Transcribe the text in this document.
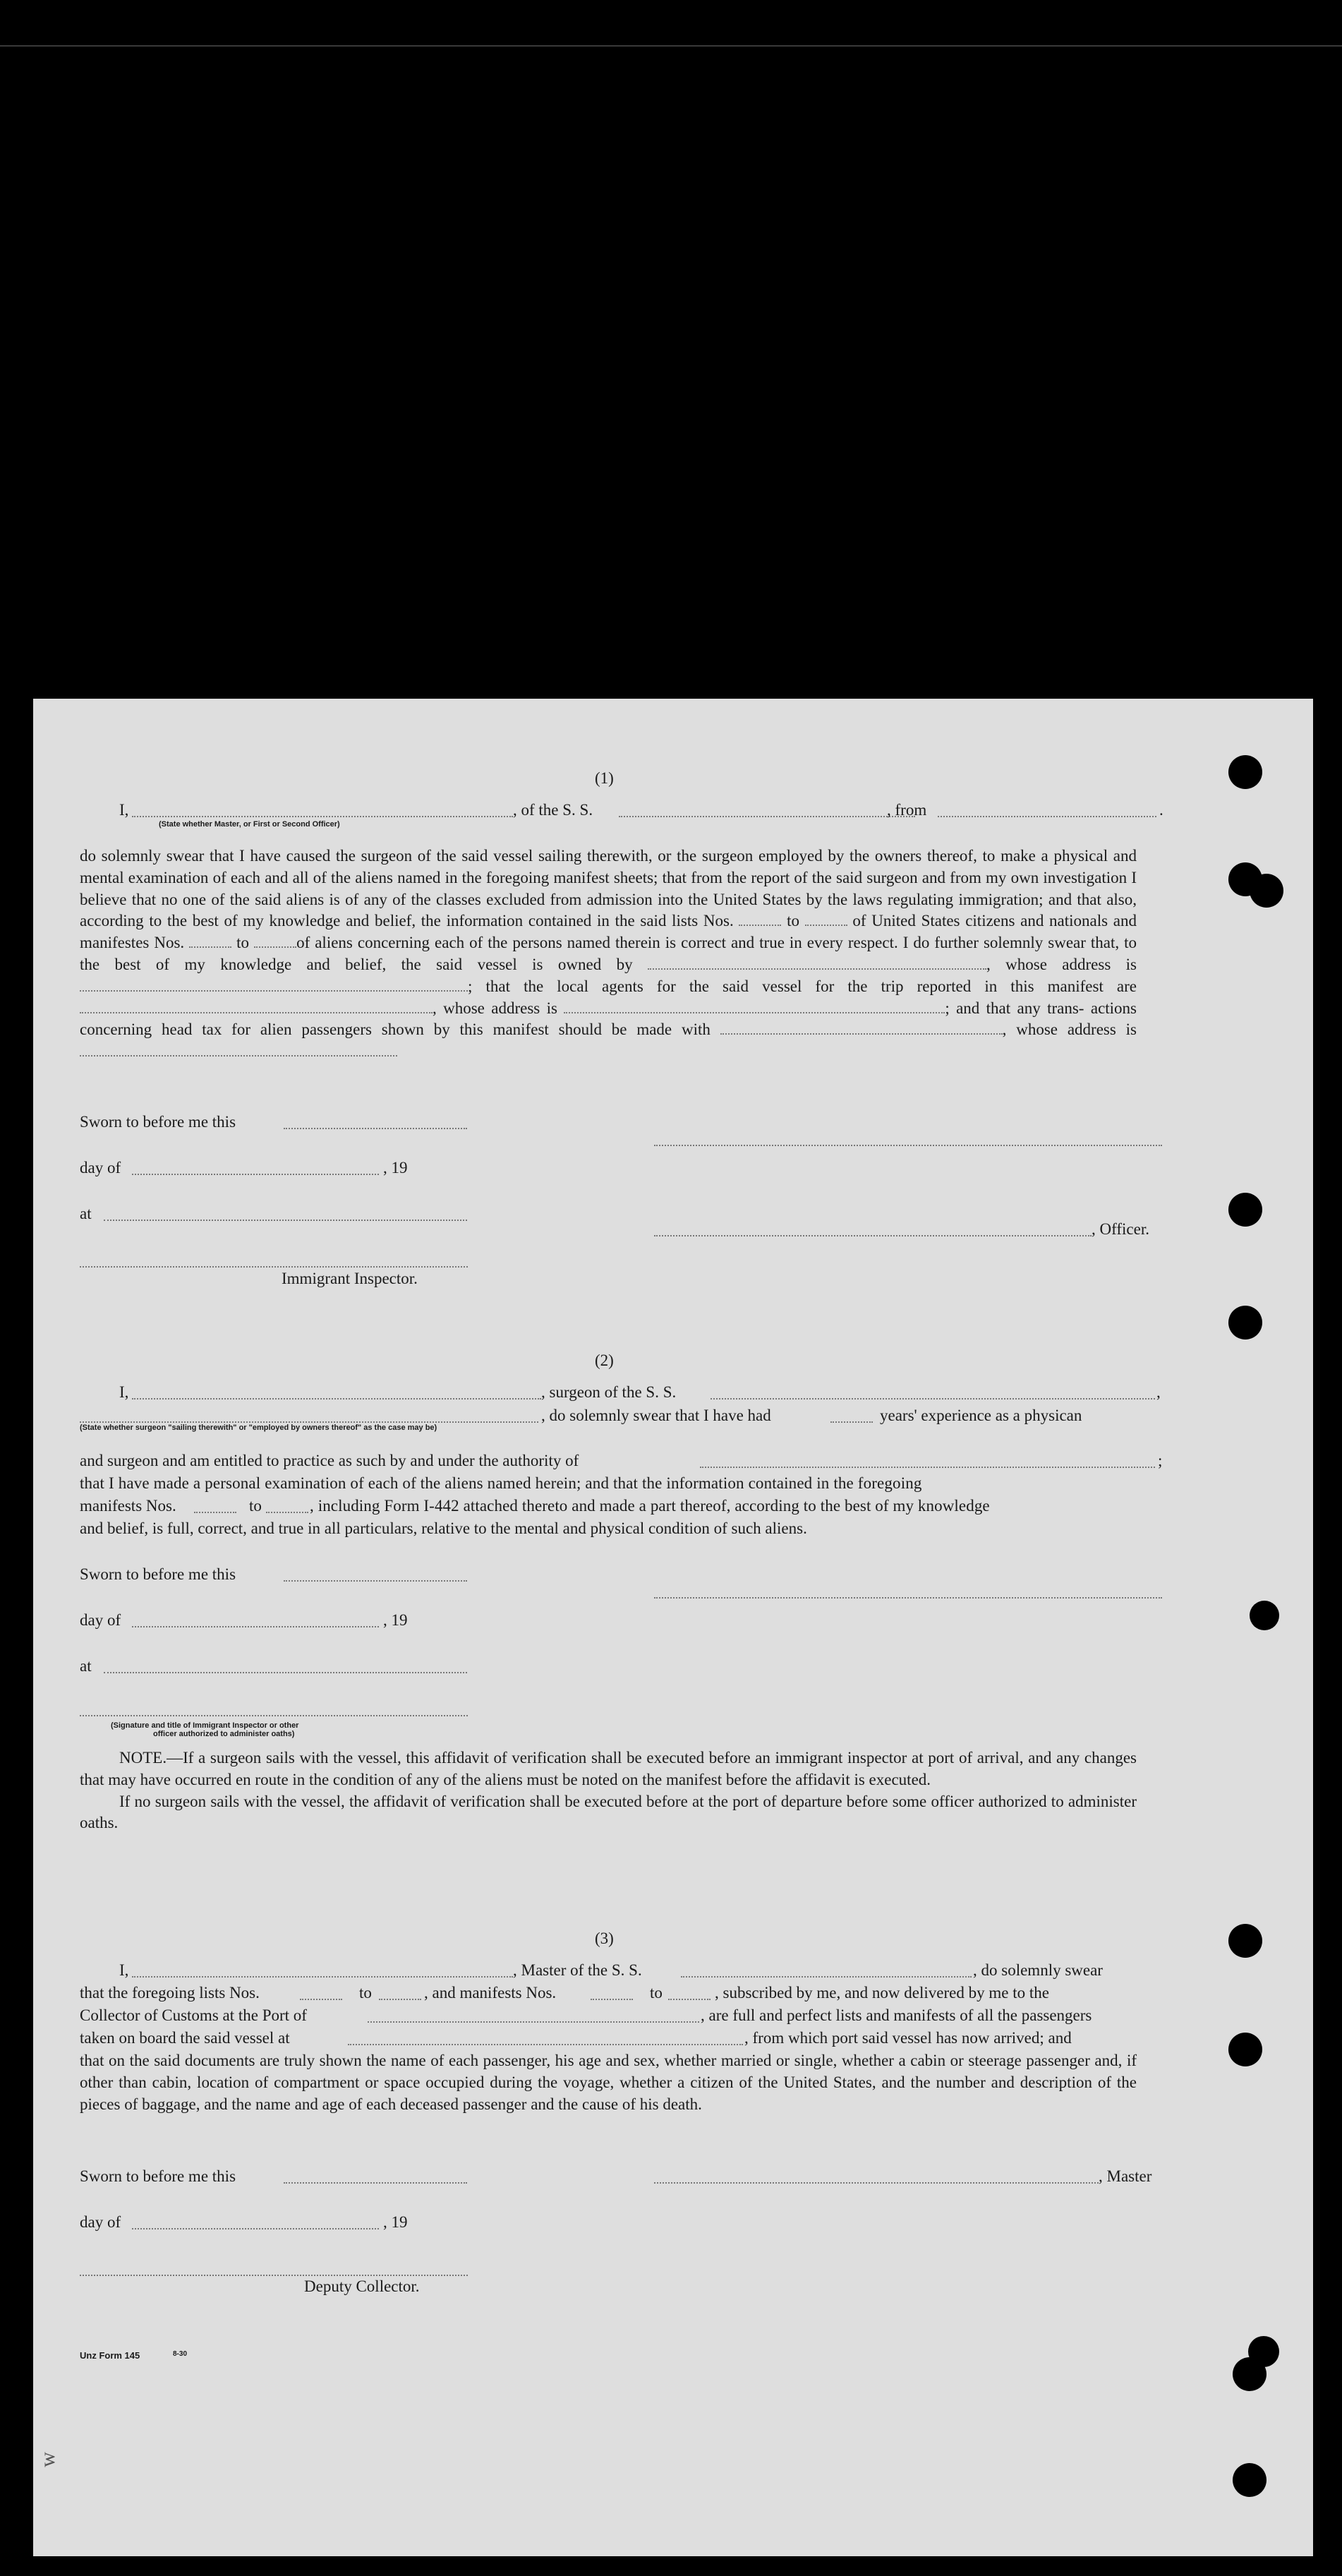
(1)
I,	, of the S. S.	, from	.
(State whether Master, or First or Second Officer)

do solemnly swear that I have caused the surgeon of the said vessel sailing therewith, or the surgeon employed by the owners thereof, to make a physical and mental examination of each and all of the aliens named in the foregoing manifest sheets; that from the report of the said surgeon and from my own investigation I believe that no one of the said aliens is of any of the classes excluded from admission into the United States by the laws regulating immigration; and that also, according to the best of my knowledge and belief, the information contained in the said lists Nos.	to	of United States citizens and nationals and manifestes Nos.	to	of aliens concerning each of the persons named therein is correct and true in every respect. I do further solemnly swear that, to the best of my knowledge and belief, the said vessel is owned by	, whose address is ; that the local agents for the said vessel for the trip reported in this manifest are , whose address is	; and that any trans- actions concerning head tax for alien passengers shown by this manifest should be made with	, whose address is

Sworn to before me this
day of	, 19
at
, Officer.
Immigrant Inspector.
(2)
I,	, surgeon of the S. S.	,
, do solemnly swear that I have had	years' experience as a physican
(State whether surgeon "sailing therewith" or "employed by owners thereof" as the case may be)
and surgeon and am entitled to practice as such by and under the authority of	;
that I have made a personal examination of each of the aliens named herein; and that the information contained in the foregoing
manifests Nos.	to	, including Form I-442 attached thereto and made a part thereof, according to the best of my knowledge
and belief, is full, correct, and true in all particulars, relative to the mental and physical condition of such aliens.
Sworn to before me this
day of	, 19
at
(Signature and title of Immigrant Inspector or other
officer authorized to administer oaths)

NOTE.—If a surgeon sails with the vessel, this affidavit of verification shall be executed before an immigrant inspector at port of arrival, and any changes that may have occurred en route in the condition of any of the aliens must be noted on the manifest before the affidavit is executed.

If no surgeon sails with the vessel, the affidavit of verification shall be executed before at the port of departure before some officer authorized to administer oaths.

(3)
I,	, Master of the S. S.	, do solemnly swear
that the foregoing lists Nos.	to	, and manifests Nos.	to	, subscribed by me, and now delivered by me to the
Collector of Customs at the Port of	, are full and perfect lists and manifests of all the passengers
taken on board the said vessel at	, from which port said vessel has now arrived; and

that on the said documents are truly shown the name of each passenger, his age and sex, whether married or single, whether a cabin or steerage passenger and, if other than cabin, location of compartment or space occupied during the voyage, whether a citizen of the United States, and the number and description of the pieces of baggage, and the name and age of each deceased passenger and the cause of his death.

Sworn to before me this	, Master
day of	, 19
Deputy Collector.
Unz Form 145	8-30
w
